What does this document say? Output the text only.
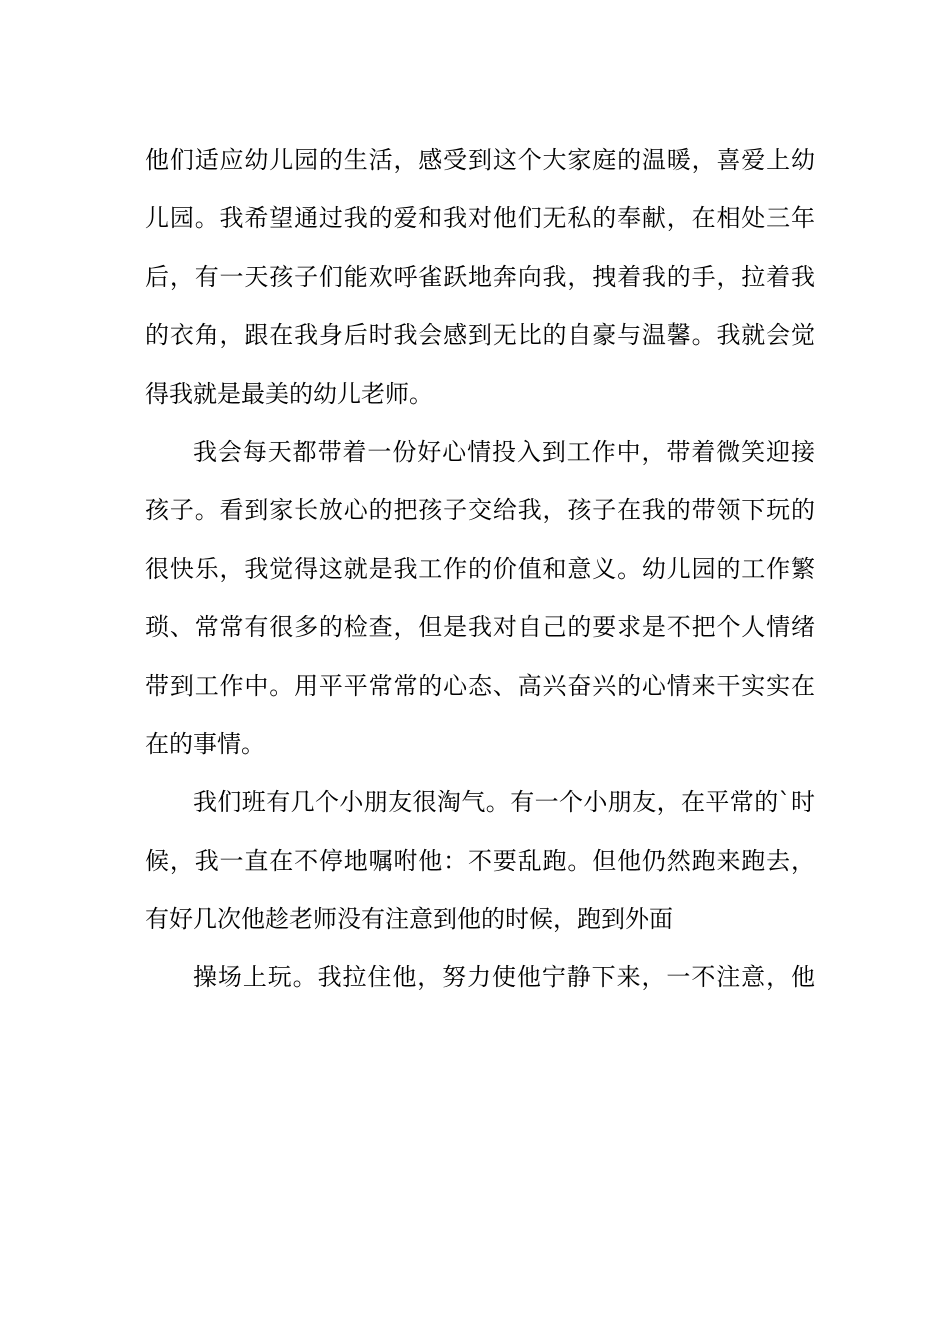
他们适应幼儿园的生活，感受到这个大家庭的温暖，喜爱上幼
儿园。我希望通过我的爱和我对他们无私的奉献，在相处三年
后，有一天孩子们能欢呼雀跃地奔向我，拽着我的手，拉着我
的衣角，跟在我身后时我会感到无比的自豪与温馨。我就会觉
得我就是最美的幼儿老师。
我会每天都带着一份好心情投入到工作中，带着微笑迎接
孩子。看到家长放心的把孩子交给我，孩子在我的带领下玩的
很快乐，我觉得这就是我工作的价值和意义。幼儿园的工作繁
琐、常常有很多的检查，但是我对自己的要求是不把个人情绪
带到工作中。用平平常常的心态、高兴奋兴的心情来干实实在
在的事情。
我们班有几个小朋友很淘气。有一个小朋友，在平常的`时
候，我一直在不停地嘱咐他：不要乱跑。但他仍然跑来跑去，
有好几次他趁老师没有注意到他的时候，跑到外面
操场上玩。我拉住他，努力使他宁静下来，一不注意，他
